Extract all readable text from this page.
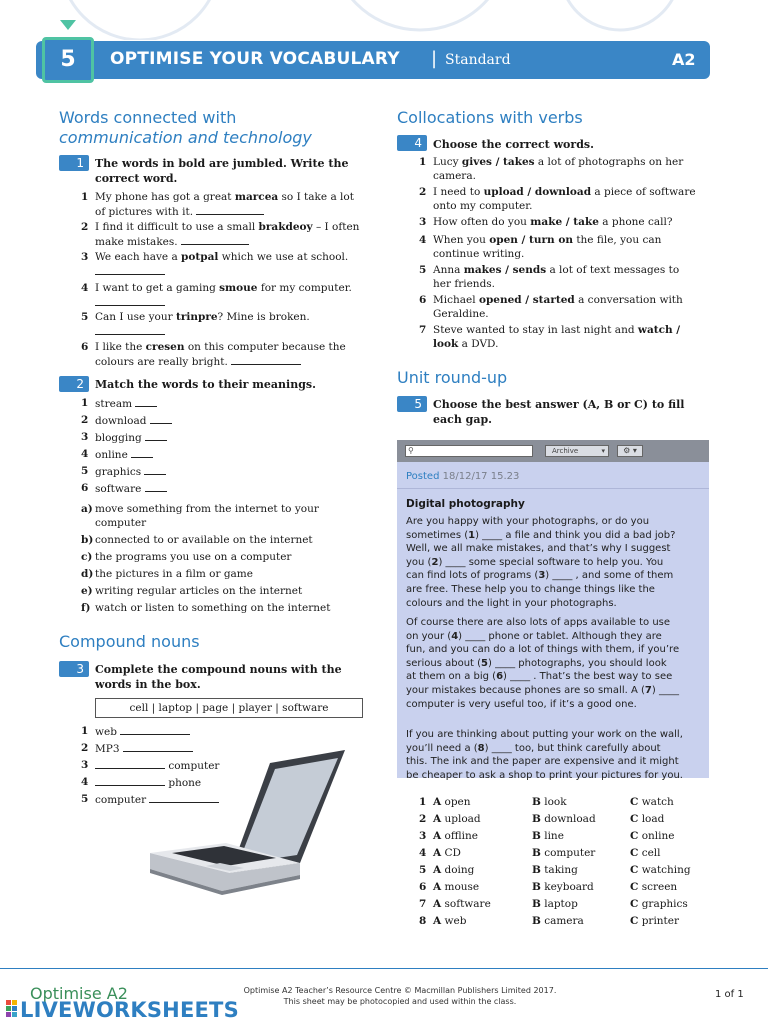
5	OPTIMISE YOUR VOCABULARY | Standard	A2
Words connected with
communication and technology
1	The words in bold are jumbled. Write the correct word.
1 My phone has got a great marcea so I take a lot
of pictures with it.
2 I find it difficult to use a small brakdeoy – I often
make mistakes.
3 We each have a potpal which we use at school.

4 I want to get a gaming smoue for my computer.

5 Can I use your trinpre? Mine is broken.

6 I like the cresen on this computer because the
colours are really bright.
2	Match the words to their meanings.
1 stream
2 download
3 blogging
4 online
5 graphics
6 software
a) move something from the internet to your
computer
b) connected to or available on the internet
c) the programs you use on a computer
d) the pictures in a film or game
e) writing regular articles on the internet
f) watch or listen to something on the internet
Compound nouns
3	Complete the compound nouns with the words in the box.
cell | laptop | page | player | software
1 web
2 MP3
3	computer
4	phone
5 computer
Collocations with verbs
4	Choose the correct words.
1 Lucy gives / takes a lot of photographs on her
camera.
2 I need to upload / download a piece of software
onto my computer.
3 How often do you make / take a phone call?
4 When you open / turn on the file, you can
continue writing.
5 Anna makes / sends a lot of text messages to
her friends.
6 Michael opened / started a conversation with
Geraldine.
7 Steve wanted to stay in last night and watch /
look a DVD.
Unit round-up
5	Choose the best answer (A, B or C) to fill each gap.
⚲	Archive	▾	⚙ ▾
Posted 18/12/17 15.23
Digital photography
Are you happy with your photographs, or do you
sometimes (1) ____ a file and think you did a bad job?
Well, we all make mistakes, and that’s why I suggest
you (2) ____ some special software to help you. You
can find lots of programs (3) ____ , and some of them
are free. These help you to change things like the
colours and the light in your photographs.
Of course there are also lots of apps available to use
on your (4) ____ phone or tablet. Although they are
fun, and you can do a lot of things with them, if you’re
serious about (5) ____ photographs, you should look
at them on a big (6) ____ . That’s the best way to see
your mistakes because phones are so small. A (7) ____
computer is very useful too, if it’s a good one.
If you are thinking about putting your work on the wall,
you’ll need a (8) ____ too, but think carefully about
this. The ink and the paper are expensive and it might
be cheaper to ask a shop to print your pictures for you.
1 A open	B look	C watch
2 A upload	B download	C load
3 A offline	B line	C online
4 A CD	B computer	C cell
5 A doing	B taking	C watching
6 A mouse	B keyboard	C screen
7 A software	B laptop	C graphics
8 A web	B camera	C printer
Optimise A2
LIVEWORKSHEETS
Optimise A2 Teacher’s Resource Centre © Macmillan Publishers Limited 2017.
This sheet may be photocopied and used within the class.
1 of 1
